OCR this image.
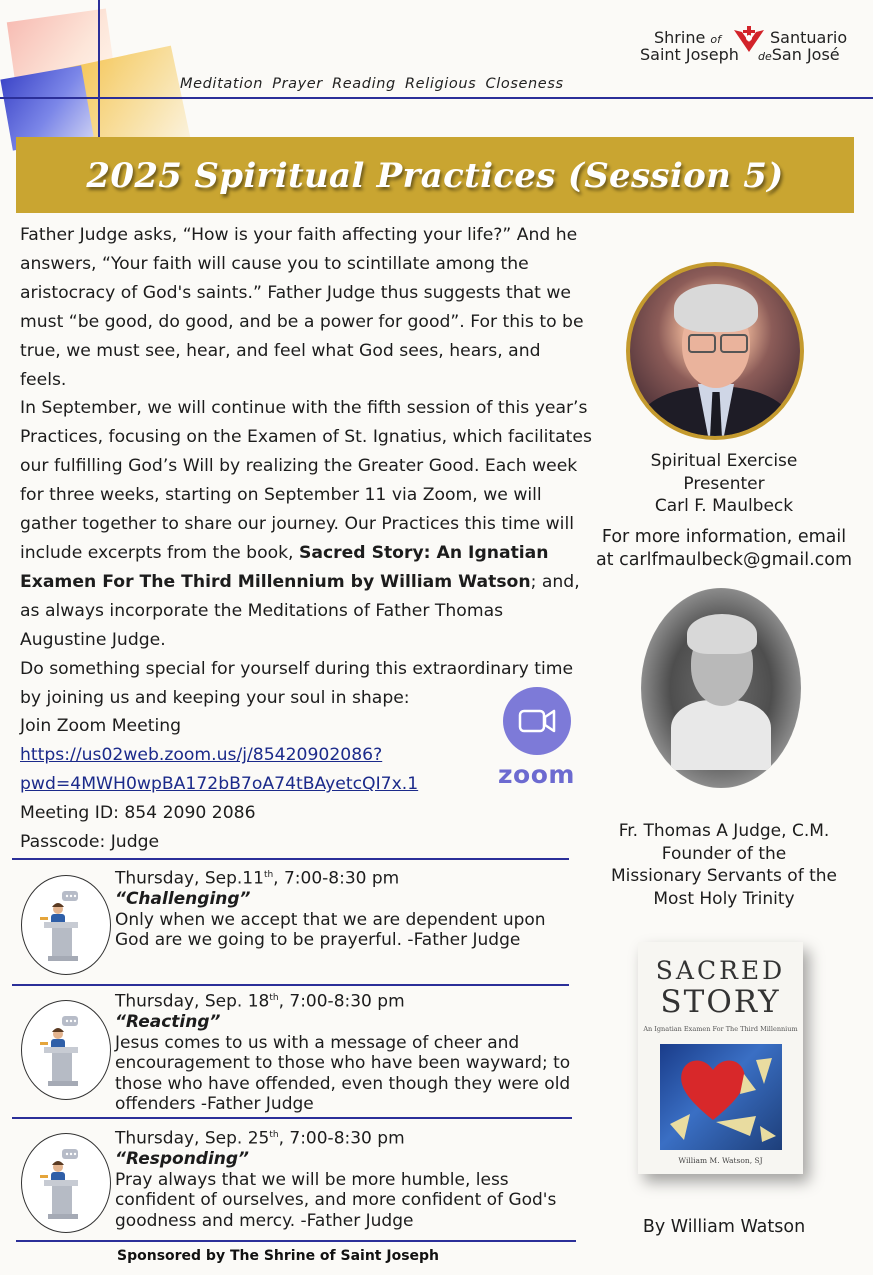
Meditation Prayer Reading Religious Closeness
Shrine of
Saint Joseph
Santuario
deSan José
2025 Spiritual Practices (Session 5)

Father Judge asks, “How is your faith affecting your life?” And he answers, “Your faith will cause you to scintillate among the aristocracy of God's saints.” Father Judge thus suggests that we must “be good, do good, and be a power for good”. For this to be true, we must see, hear, and feel what God sees, hears, and feels.

In September, we will continue with the fifth session of this year’s Practices, focusing on the Examen of St. Ignatius, which facilitates our fulfilling God’s Will by realizing the Greater Good. Each week for three weeks, starting on September 11 via Zoom, we will gather together to share our journey. Our Practices this time will include excerpts from the book, Sacred Story: An Ignatian Examen For The Third Millennium by William Watson; and, as always incorporate the Meditations of Father Thomas Augustine Judge.

Do something special for yourself during this extraordinary time by joining us and keeping your soul in shape:

Join Zoom Meeting

https://us02web.zoom.us/j/85420902086?
pwd=4MWH0wpBA172bB7oA74tBAyetcQI7x.1

Meeting ID: 854 2090 2086

Passcode: Judge

zoom
Spiritual Exercise
Presenter
Carl F. Maulbeck
For more information, email
at carlfmaulbeck@gmail.com
Fr. Thomas A Judge, C.M.
Founder of the
Missionary Servants of the
Most Holy Trinity
SACRED
STORY
An Ignatian Examen For The Third Millennium
William M. Watson, SJ
By William Watson
Thursday, Sep.11th, 7:00-8:30 pm
“Challenging”
Only when we accept that we are dependent upon God are we going to be prayerful. -Father Judge
Thursday, Sep. 18th, 7:00-8:30 pm
“Reacting”
Jesus comes to us with a message of cheer and encouragement to those who have been wayward; to those who have offended, even though they were old offenders -Father Judge
Thursday, Sep. 25th, 7:00-8:30 pm
“Responding”
Pray always that we will be more humble, less confident of ourselves, and more confident of God's goodness and mercy. -Father Judge
Sponsored by The Shrine of Saint Joseph
